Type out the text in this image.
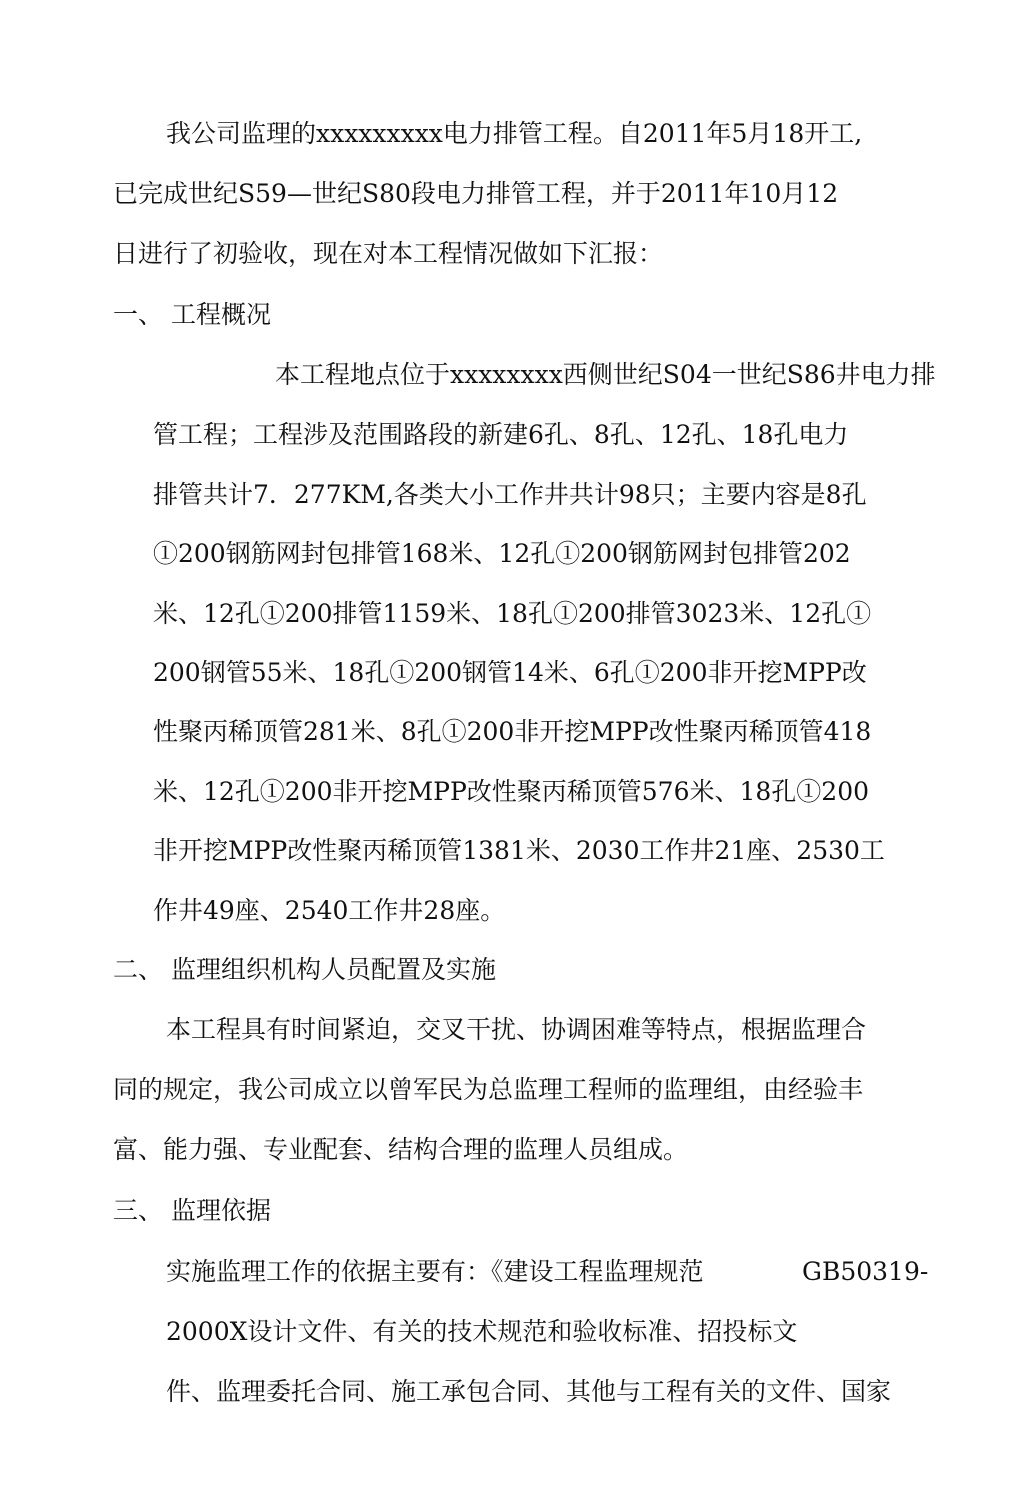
我公司监理的xxxxxxxxx电力排管工程。自2011年5月18开工,
已完成世纪S59—世纪S80段电力排管工程，并于2011年10月12
日进行了初验收，现在对本工程情况做如下汇报：
一、 工程概况
本工程地点位于xxxxxxxx西侧世纪S04一世纪S86井电力排
管工程；工程涉及范围路段的新建6孔、8孔、12孔、18孔电力
排管共计7．277KM,各类大小工作井共计98只；主要内容是8孔
①200钢筋网封包排管168米、12孔①200钢筋网封包排管202
米、12孔①200排管1159米、18孔①200排管3023米、12孔①
200钢管55米、18孔①200钢管14米、6孔①200非开挖MPP改
性聚丙稀顶管281米、8孔①200非开挖MPP改性聚丙稀顶管418
米、12孔①200非开挖MPP改性聚丙稀顶管576米、18孔①200
非开挖MPP改性聚丙稀顶管1381米、2030工作井21座、2530工
作井49座、2540工作井28座。
二、 监理组织机构人员配置及实施
本工程具有时间紧迫，交叉干扰、协调困难等特点，根据监理合
同的规定，我公司成立以曾军民为总监理工程师的监理组，由经验丰
富、能力强、专业配套、结构合理的监理人员组成。
三、 监理依据
实施监理工作的依据主要有：《建设工程监理规范	GB50319-
2000X设计文件、有关的技术规范和验收标准、招投标文
件、监理委托合同、施工承包合同、其他与工程有关的文件、国家
